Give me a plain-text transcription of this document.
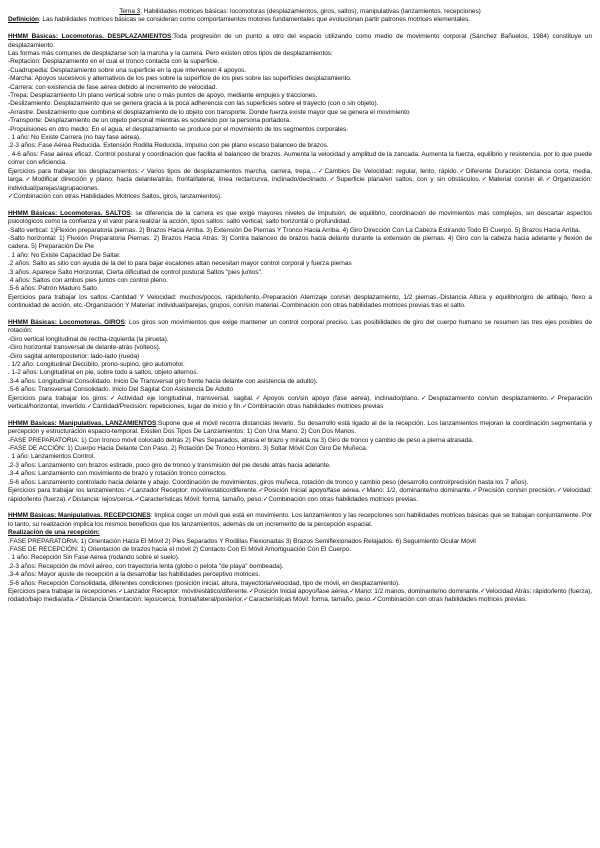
Tema 3. Habilidades motrices básicas: locomotoras (desplazamientos, giros, saltos), manipulativas (lanzamientos, recepciones)

Definición: Las habilidades motrices básicas se consideran como comportamientos motores fundamentales que evolucionan partir patrones motrices elementales.

HHMM Básicas: Locomotoras. DESPLAZAMIENTOS:Toda progresión de un punto a otro del espacio utilizando como medio de movimiento corporal (Sánchez Bañuelos, 1984) constituye un desplazamiento.

Las formas más comunes de desplazarse son la marcha y la carrera. Pero existen otros tipos de desplazamientos:

-Reptación: Desplazamiento en el cual el tronco contacta con la superficie.

-Cuadrupedia: Desplazamiento sobre una superficie en la que intervienen 4 apoyos.

-Marcha: Apoyos sucesivos y alternativos de los pies sobre la superficie de los pies sobre las superficies desplazamiento.

-Carrera: con existencia de fase aérea debido al incremento de velocidad.

-Trepa: Desplazamiento Un plano vertical sobre uno o más puntos de apoyo, mediante empujes y tracciones.

-Deslizamiento: Desplazamiento que se genera gracia a la poca adherencia con las superficies sobre el trayecto (con o sin objeto).

-Arrastre: Deslizamiento que combina el desplazamiento de lo objeto con transporte. Donde fuerza existe mayor que se genera el movimiento

-Transporte: Desplazamiento de un objeto personal mientras es sostenido por la persona portadora.

-Propulsiones en otro medio: En el agua, el desplazamiento se produce por el movimiento de los segmentos corporales.

. 1 año: No Existe Carrera (no hay fase aérea).

.2-3 años: Fase Aérea Reducida. Extensión Rodilla Reducida, Impulso con pie plano escaso balanceo de brazos.

. 4-6 años: Fase aérea eficaz. Control postural y coordinación que facilita el balanceo de brazos. Aumenta la velocidad y amplitud de la zancada. Aumenta la fuerza, equilibrio y resistencia, por lo que puede correr con eficiencia.

Ejercicios para trabajar los desplazamientos:✓Varios tipos de desplazamientos marcha, carrera, trepa,...✓Cambios De Velocidad: regular, lento, rápido.✓Diferente Duración: Distancia corta, media, larga.✓Modificar dirección y plano: hacia delante/atrás, frontal/lateral, línea recta/curva, inclinado/declinado.✓Superficie plana/en saltos, con y sin obstáculos.✓Material con/sin él.✓Organización: individual/parejas/agrupaciones.

✓Combinación con otras Habilidades Motrices Saltos, giros, lanzamientos).

HHMM Básicas: Locomotoras. SALTOS: se diferencia de la carrera es que exige mayores niveles de impulsión, de equilibrio, coordinación de movimientos más complejos, sin descartar aspectos psicológicos como la confianza y el valor para realizar la acción, tipos saltos: salto vertical, salto horizontal o profundidad.

-Salto vertical: 1)Flexión preparatoria piernas. 2) Brazos Hacia Arriba. 3) Extensión De Piernas Y Tronco Hacia Arriba. 4) Giro Dirección Con La Cabeza Estirando Todo El Cuerpo. 5) Brazos Hacia Arriba.

-Salto horizontal: 1) Flexión Preparatoria Piernas. 2) Brazos Hacia Atrás. 3) Contra balanceo de brazos hacia delante durante la extensión de piernas. 4) Giro con la cabeza hacia adelante y flexión de cadera. 5) Preparación De Pie

. 1 año: No Existe Capacidad De Saltar.

.2 años: Salto as sitio con ayuda de la del to para bajar escalones attan necesitan mayor control corporal y fuerza piernas

.3 años: Aparece Salto Horizontal, Cierta dificultad de control postural Saltos "pies juntos".

.4 años: Saltos con ambos pies juntos con control pleno.

.5-6 años: Patrón Maduro Salto.

Ejercicios para trabajar los saltos:-Cantidad Y Velocidad: muchos/pocos, rápido/lento.-Preparación Aterrizaje con/sin desplazamiento, 1/2 piernas.-Distancia Altura y equilibrio/giro de altibajo, flexo a continuidad de acción, etc.-Organización Y Material: individual/parejas, grupos, con/sin material.-Combinación con otras habilidades motrices previas tras el salto.

HHMM Básicas: Locomotoras. GIROS: Los giros son movimientos que exige mantener un control corporal preciso. Las posibilidades de giro del cuerpo humano se resumen las tres ejes posibles de rotación:

-Giro vertical longitudinal de rectha-izquierda (la pirueta).

-Giro horizontal transversal de delante-atrás (volteos).

-Giro sagital anteroposterior: lado-lado (rueda)

. 1/2 año: Longitudinal Decúbito, prono-supino, giro automotor.

. 1-2 años: Longitudinal en pie, sobre todo a saltos, objeto alternos.

.3-4 años: Longitudinal Consolidado. Inicio De Transversal giro frente hacia delante con asistencia de adulto).

.5-6 años: Transversal Consolidado. Inicio Del Sagital Con Asistencia De Adulto

Ejercicios para trabajar los giros:✓Actividad eje longitudinal, transversal, sagital.✓Apoyos con/sin apoyo (fase aérea), inclinado/plano.✓Desplazamiento con/sin desplazamiento.✓Preparación vertical/horizontal, invertido.✓Cantidad/Precisión: repeticiones, lugar de inicio y fin.✓Combinación otras habilidades motrices previas

HHMM Básicas: Manipulativas. LANZAMIENTOS:Supone que el móvil recorra distancias llevarlo. Su desarrollo está ligado al de la recepción. Los lanzamientos mejoran la coordinación segmentaria y percepción y estructuración espacio-temporal. Existen Dos Tipos De Lanzamientos: 1) Con Una Mano. 2) Con Dos Manos.

-FASE PREPARATORIA: 1) Con tronco móvil colocado detrás 2) Pies Separados, atrasa el brazo y mirada na 3) Giro de tronco y cambio de peso a pierna atrasada.

-FASE DE ACCIÓN: 1) Cuerpo Hacia Delante Con Paso. 2) Rotación De Tronco Hombro. 3) Soltar Móvil Con Giro De Muñeca.

. 1 año: Lanzamientos Control.

.2-3 años: Lanzamiento con brazos estirado, poco giro de tronco y transmisión del pie desde atrás hacia adelante.

.3-4 años: Lanzamiento con movimiento de brazo y rotación tronco correctos.

.5-6 años: Lanzamiento controlado hacia delante y abajo. Coordinación de movimientos, giros muñeca, rotación de tronco y cambio peso (desarrollo control/precisión hasta los 7 años).

Ejercicios para trabajar los lanzamientos:✓Lanzador Receptor: móvil/estático/diferente.✓Posición Inicial apoyo/fase aérea.✓Mano: 1/2, dominante/no dominante.✓Precisión con/sin precisión.✓Velocidad: rápido/lento (fuerza).✓Distancia: lejos/cerca.✓Características Móvil: forma, tamaño, peso.✓Combinación con otras habilidades motrices previas.

HHMM Básicas: Manipulativas. RECEPCIONES: Implica coger un móvil que está en movimiento. Los lanzamientos y las recepciones son habilidades motrices básicas que se trabajan conjuntamente. Por lo tanto, su realización implica los mismos beneficios que los lanzamientos, además de un incremento de la percepción espacial.

Realización de una recepción:

.FASE PREPARATORIA: 1) Orientación Hacia El Móvil 2) Pies Separados Y Rodillas Flexionadas 3) Brazos Semiflexionados Relajados. 6) Seguimiento Ocular Móvil

.FASE DE RECEPCIÓN: 1) Orientación de brazos hacia el móvil 2) Contacto Con El Móvil Amortiguación Con El Cuerpo.

. 1 año: Recepción Sin Fase Aérea (rodando sobre el suelo).

.2-3 años: Recepción de móvil aéreo, con trayectoria lenta (globo o pelota "de playa" bombeada).

.3-4 años: Mayor ajuste de recepción a la desarrollar las habilidades perceptivo motrices.

.5-6 años: Recepción Consolidada, diferentes condiciones (posición inicial, altura, trayectoria/velocidad, tipo de móvil, en desplazamiento).

Ejercicios para trabajar la recepciones:✓Lanzador Receptor: móvil/estático/diferente.✓Posición Inicial apoyo/fase aérea.✓Mano: 1/2 manos, dominante/no dominante.✓Velocidad Atrás: rápido/lento (fuerza), rodado/bajo media/alta.✓Distancia Orientación: lejos/cerca, frontal/lateral/posterior.✓Características Móvil: forma, tamaño, peso.✓Combinación con otras habilidades motrices previas.
